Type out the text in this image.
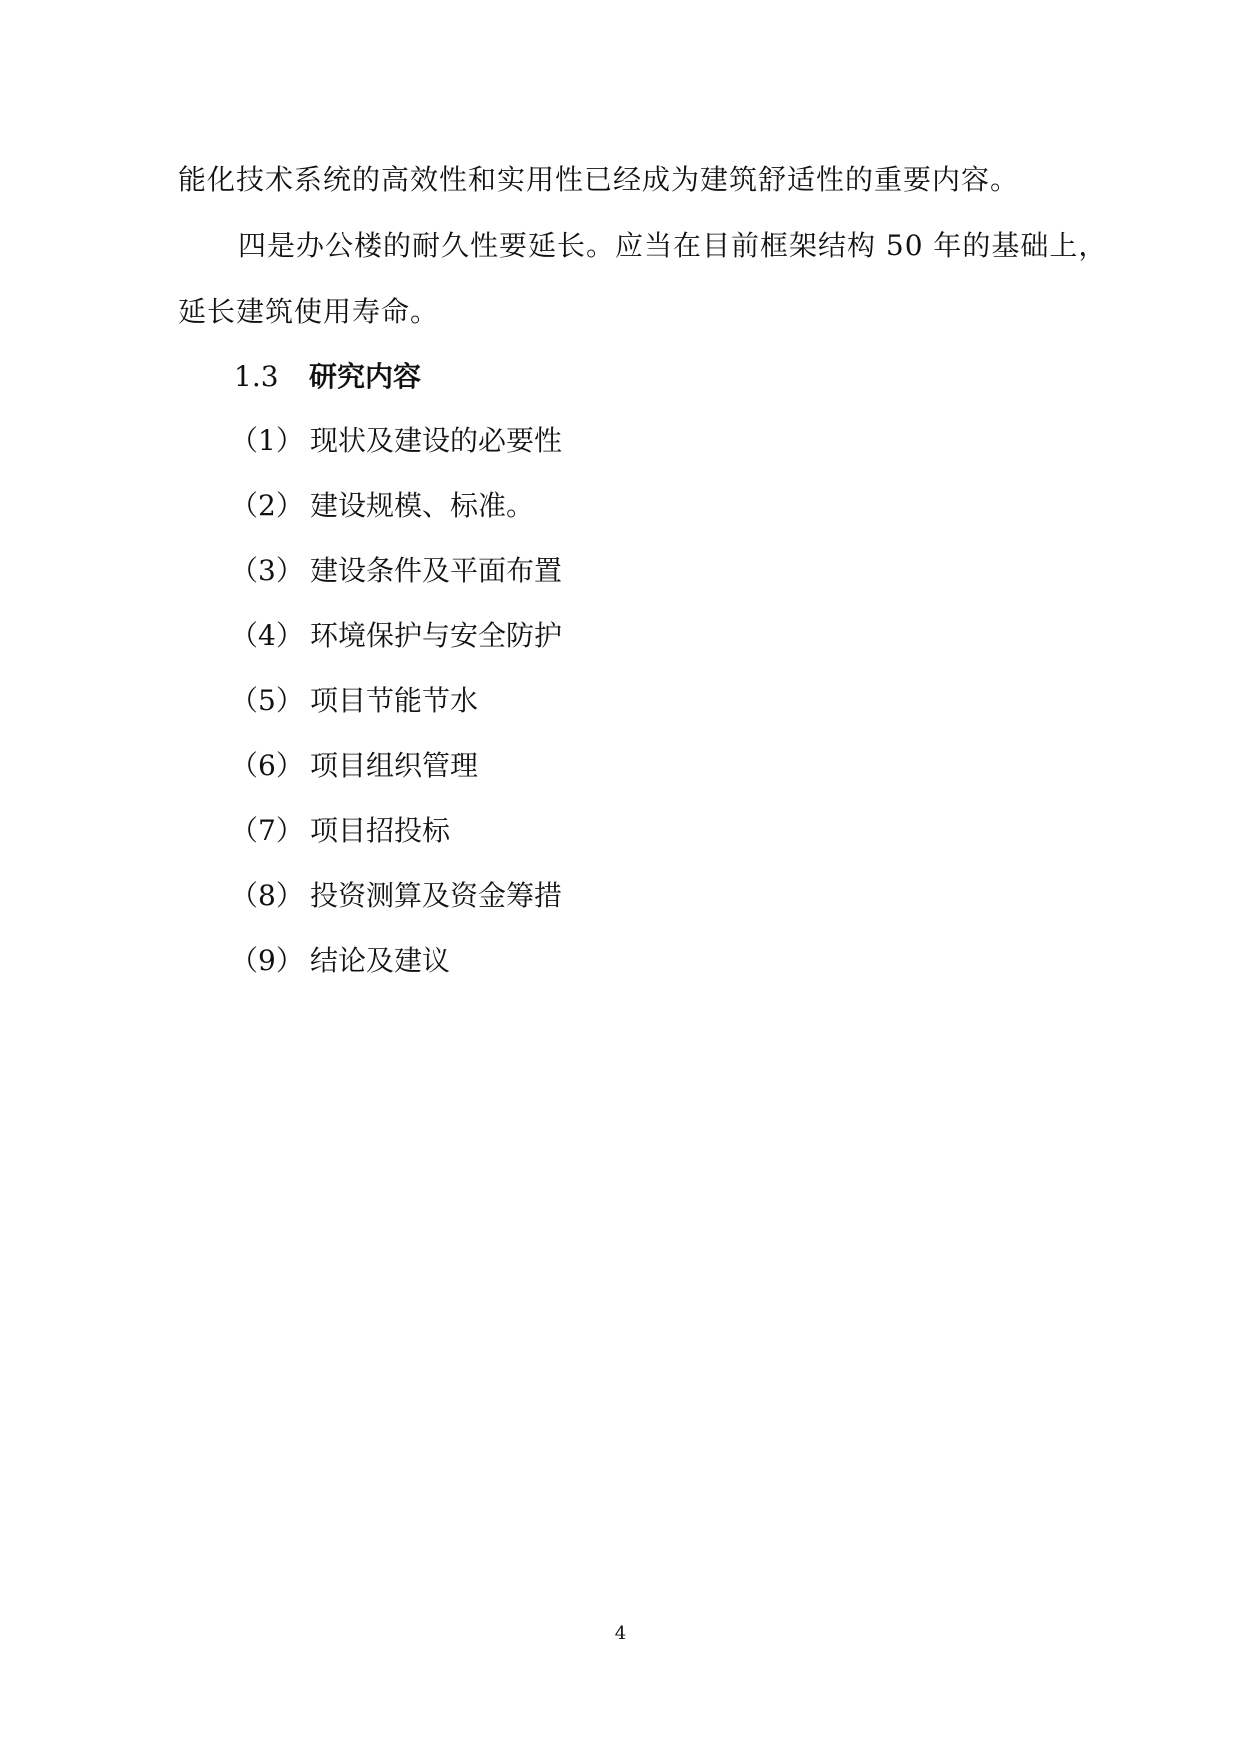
能化技术系统的高效性和实用性已经成为建筑舒适性的重要内容。
四是办公楼的耐久性要延长。应当在目前框架结构 50 年的基础上，
延长建筑使用寿命。
1.3 研究内容
（1） 现状及建设的必要性
（2） 建设规模、标准。
（3） 建设条件及平面布置
（4） 环境保护与安全防护
（5） 项目节能节水
（6） 项目组织管理
（7） 项目招投标
（8） 投资测算及资金筹措
（9） 结论及建议
4
